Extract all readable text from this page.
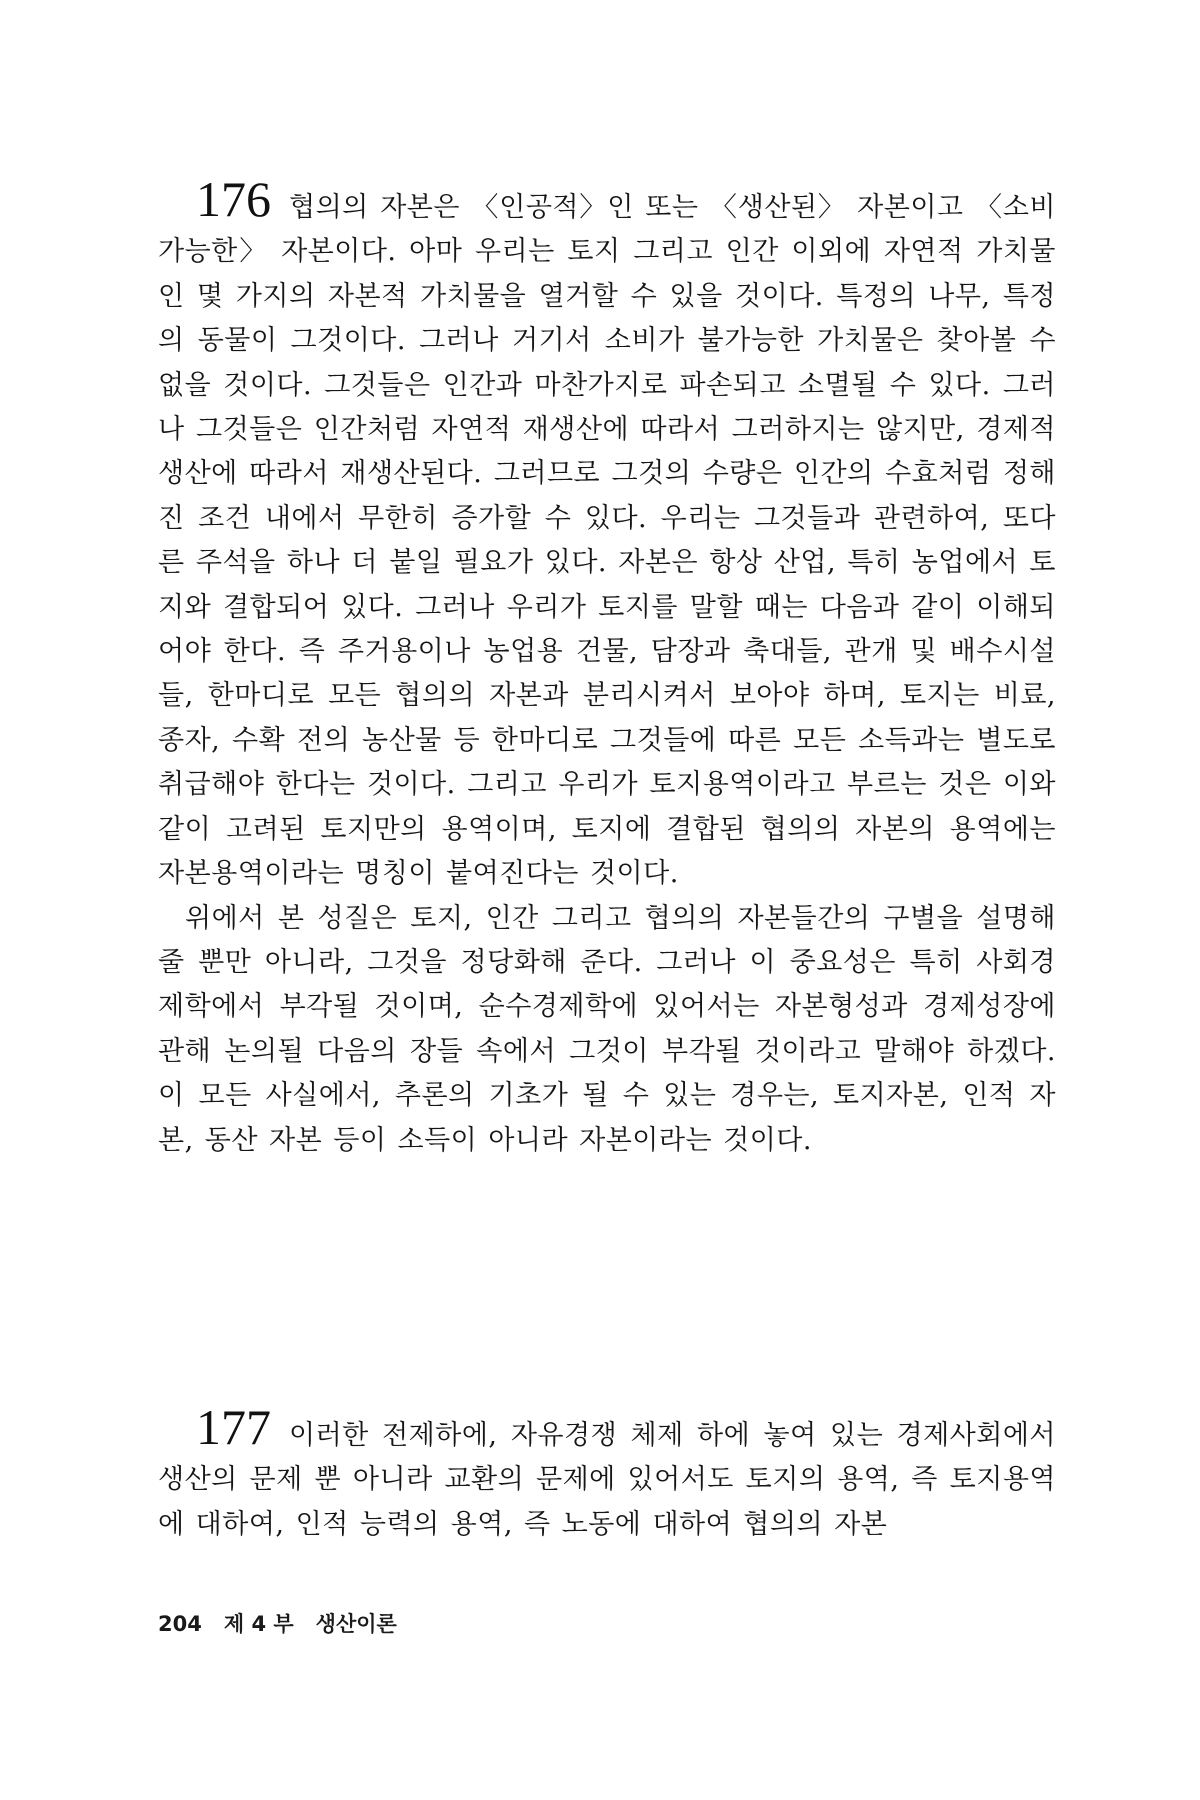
176 협의의 자본은 〈인공적〉인 또는 〈생산된〉 자본이고 〈소비가능한〉 자본이다. 아마 우리는 토지 그리고 인간 이외에 자연적 가치물인 몇 가지의 자본적 가치물을 열거할 수 있을 것이다. 특정의 나무, 특정의 동물이 그것이다. 그러나 거기서 소비가 불가능한 가치물은 찾아볼 수 없을 것이다. 그것들은 인간과 마찬가지로 파손되고 소멸될 수 있다. 그러나 그것들은 인간처럼 자연적 재생산에 따라서 그러하지는 않지만, 경제적 생산에 따라서 재생산된다. 그러므로 그것의 수량은 인간의 수효처럼 정해진 조건 내에서 무한히 증가할 수 있다. 우리는 그것들과 관련하여, 또다른 주석을 하나 더 붙일 필요가 있다. 자본은 항상 산업, 특히 농업에서 토지와 결합되어 있다. 그러나 우리가 토지를 말할 때는 다음과 같이 이해되어야 한다. 즉 주거용이나 농업용 건물, 담장과 축대들, 관개 및 배수시설들, 한마디로 모든 협의의 자본과 분리시켜서 보아야 하며, 토지는 비료, 종자, 수확 전의 농산물 등 한마디로 그것들에 따른 모든 소득과는 별도로 취급해야 한다는 것이다. 그리고 우리가 토지용역이라고 부르는 것은 이와 같이 고려된 토지만의 용역이며, 토지에 결합된 협의의 자본의 용역에는 자본용역이라는 명칭이 붙여진다는 것이다.

위에서 본 성질은 토지, 인간 그리고 협의의 자본들간의 구별을 설명해 줄 뿐만 아니라, 그것을 정당화해 준다. 그러나 이 중요성은 특히 사회경제학에서 부각될 것이며, 순수경제학에 있어서는 자본형성과 경제성장에 관해 논의될 다음의 장들 속에서 그것이 부각될 것이라고 말해야 하겠다. 이 모든 사실에서, 추론의 기초가 될 수 있는 경우는, 토지자본, 인적 자본, 동산 자본 등이 소득이 아니라 자본이라는 것이다.

177 이러한 전제하에, 자유경쟁 체제 하에 놓여 있는 경제사회에서 생산의 문제 뿐 아니라 교환의 문제에 있어서도 토지의 용역, 즉 토지용역에 대하여, 인적 능력의 용역, 즉 노동에 대하여 협의의 자본

204 제 4 부 생산이론
